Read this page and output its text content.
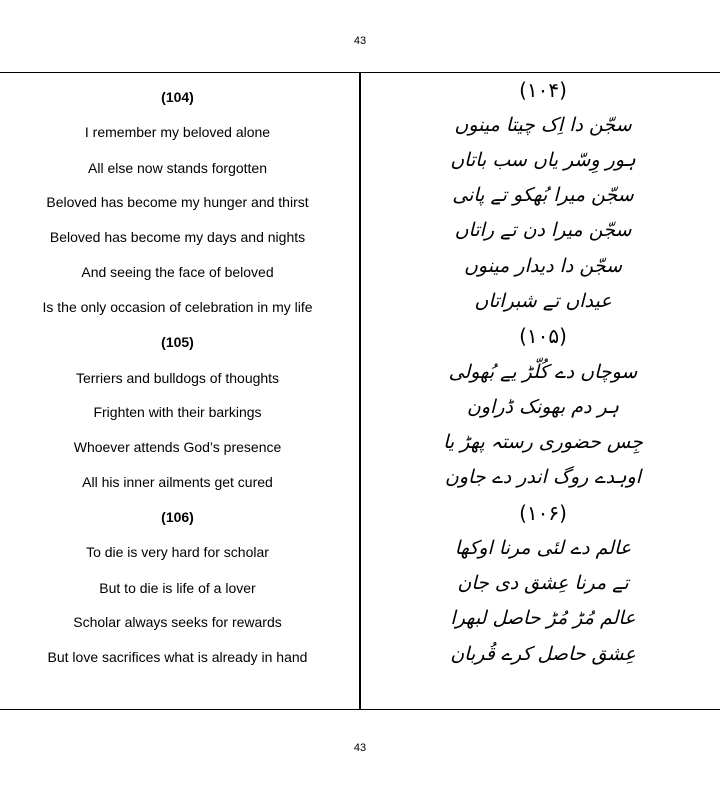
43
43
(104)
I remember my beloved alone
All else now stands forgotten
Beloved has become my hunger and thirst
Beloved has become my days and nights
And seeing the face of beloved
Is the only occasion of celebration in my life
(105)
Terriers and bulldogs of thoughts
Frighten with their barkings
Whoever attends God’s presence
All his inner ailments get cured
(106)
To die is very hard for scholar
But to die is life of a lover
Scholar always seeks for rewards
But love sacrifices what is already in hand
(۱۰۴)
سجّن دا اِک چیتا مینوں
ہور وِسّر یاں سب باتاں
سجّن میرا بُھکو تے پانی
سجّن میرا دن تے راتاں
سجّن دا دیدار مینوں
عیداں تے شبراتاں
(۱۰۵)
سوچاں دے کُلّڑ یے بُھولی
ہر دم بھونک ڈراون
جِس حضوری رستہ پھڑ یا
اوہدے روگ اندر دے جاون
(۱۰۶)
عالم دے لئی مرنا اوکھا
تے مرنا عِشق دی جان
عالم مُڑ مُڑ حاصل لبھرا
عِشق حاصل کرے قُربان
